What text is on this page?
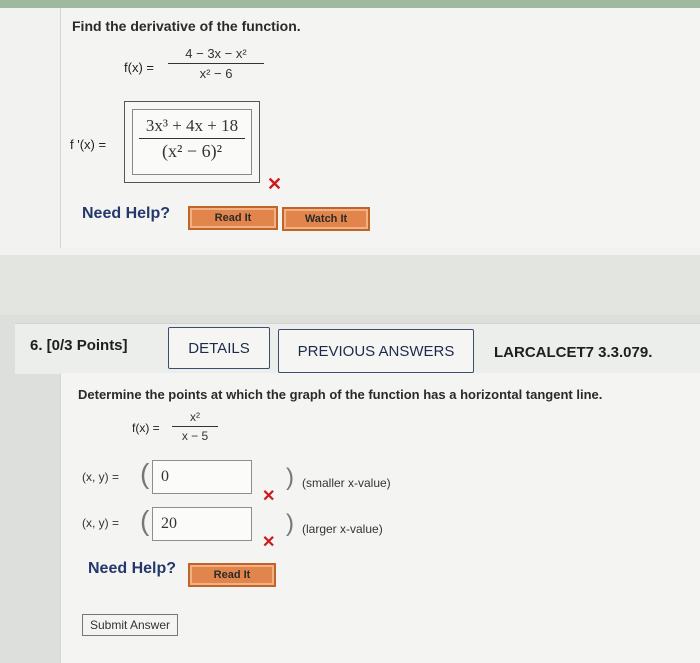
Find the derivative of the function.
f(x) =
4 − 3x − x²
x² − 6
f '(x) =
3x³ + 4x + 18
(x² − 6)²
✕
Need Help?	Read It	Watch It
6. [0/3 Points]	DETAILS	PREVIOUS ANSWERS	LARCALCET7 3.3.079.
Determine the points at which the graph of the function has a horizontal tangent line.
f(x) =
x²
x − 5
(x, y) = ( 0
✕
) (smaller x-value)
(x, y) = ( 20
✕
) (larger x-value)
Need Help?	Read It
Submit Answer
